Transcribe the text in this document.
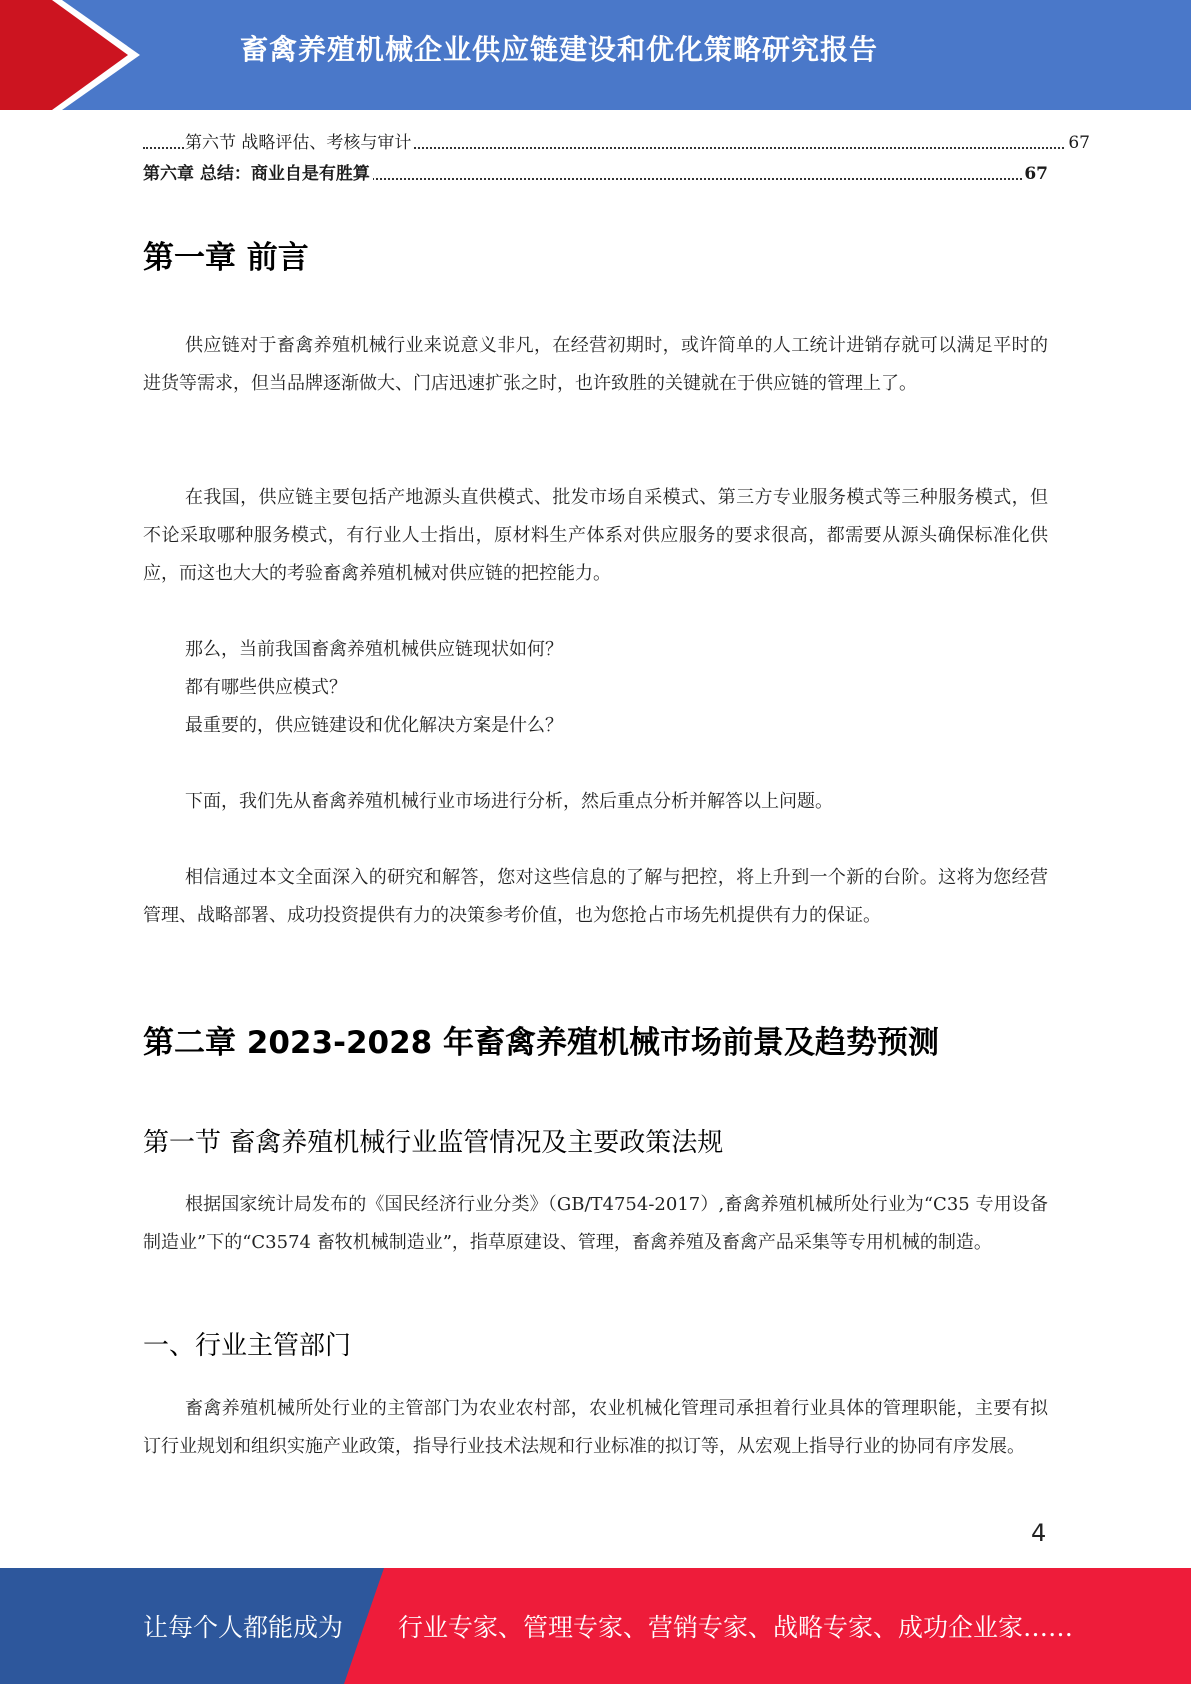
畜禽养殖机械企业供应链建设和优化策略研究报告
第六节 战略评估、考核与审计	67
第六章 总结：商业自是有胜算	67
第一章 前言

供应链对于畜禽养殖机械行业来说意义非凡，在经营初期时，或许简单的人工统计进销存就可以满足平时的进货等需求，但当品牌逐渐做大、门店迅速扩张之时，也许致胜的关键就在于供应链的管理上了。

在我国，供应链主要包括产地源头直供模式、批发市场自采模式、第三方专业服务模式等三种服务模式，但不论采取哪种服务模式，有行业人士指出，原材料生产体系对供应服务的要求很高，都需要从源头确保标准化供应，而这也大大的考验畜禽养殖机械对供应链的把控能力。

那么，当前我国畜禽养殖机械供应链现状如何？
都有哪些供应模式？
最重要的，供应链建设和优化解决方案是什么？

下面，我们先从畜禽养殖机械行业市场进行分析，然后重点分析并解答以上问题。

相信通过本文全面深入的研究和解答，您对这些信息的了解与把控，将上升到一个新的台阶。这将为您经营管理、战略部署、成功投资提供有力的决策参考价值，也为您抢占市场先机提供有力的保证。

第二章 2023-2028 年畜禽养殖机械市场前景及趋势预测
第一节 畜禽养殖机械行业监管情况及主要政策法规

根据国家统计局发布的《国民经济行业分类》（GB/T4754-2017）,畜禽养殖机械所处行业为“C35 专用设备制造业”下的“C3574 畜牧机械制造业”，指草原建设、管理，畜禽养殖及畜禽产品采集等专用机械的制造。

一、行业主管部门

畜禽养殖机械所处行业的主管部门为农业农村部，农业机械化管理司承担着行业具体的管理职能，主要有拟订行业规划和组织实施产业政策，指导行业技术法规和行业标准的拟订等，从宏观上指导行业的协同有序发展。

4
让每个人都能成为 行业专家、管理专家、营销专家、战略专家、成功企业家……
